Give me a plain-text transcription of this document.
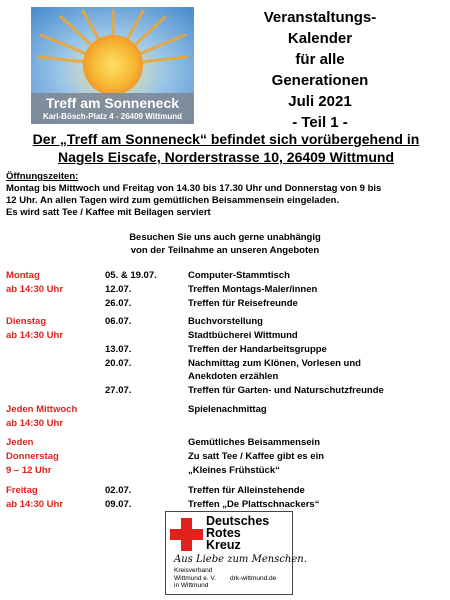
Treff am Sonneneck
Karl-Bösch-Platz 4 - 26409 Wittmund
Veranstaltungs-
Kalender
für alle
Generationen
Juli 2021
- Teil 1 -
Der „Treff am Sonneneck“ befindet sich vorübergehend in
Nagels Eiscafe, Norderstrasse 10, 26409 Wittmund
Öffnungszeiten:
Montag bis Mittwoch und Freitag von 14.30 bis 17.30 Uhr und Donnerstag von 9 bis
12 Uhr. An allen Tagen wird zum gemütlichen Beisammensein eingeladen.
Es wird satt Tee / Kaffee mit Beilagen serviert
Besuchen Sie uns auch gerne unabhängig
von der Teilnahme an unseren Angeboten
Montag	05. & 19.07.	Computer-Stammtisch
ab 14:30 Uhr	12.07.	Treffen Montags-Maler/innen
26.07.	Treffen für Reisefreunde
Dienstag	06.07.	Buchvorstellung
ab 14:30 Uhr	Stadtbücherei Wittmund
13.07.	Treffen der Handarbeitsgruppe
20.07.	Nachmittag zum Klönen, Vorlesen und
Anekdoten erzählen
27.07.	Treffen für Garten- und Naturschutzfreunde
Jeden Mittwoch	Spielenachmittag
ab 14:30 Uhr
Jeden	Gemütliches Beisammensein
Donnerstag	Zu satt Tee / Kaffee gibt es ein
9 – 12 Uhr	„Kleines Frühstück“
Freitag	02.07.	Treffen für Alleinstehende
ab 14:30 Uhr	09.07.	Treffen „De Plattschnackers“
Deutsches
Rotes
Kreuz
Aus Liebe zum Menschen.
Kreisverband
Wittmund e. V.
in Wittmund
drk-wittmund.de
